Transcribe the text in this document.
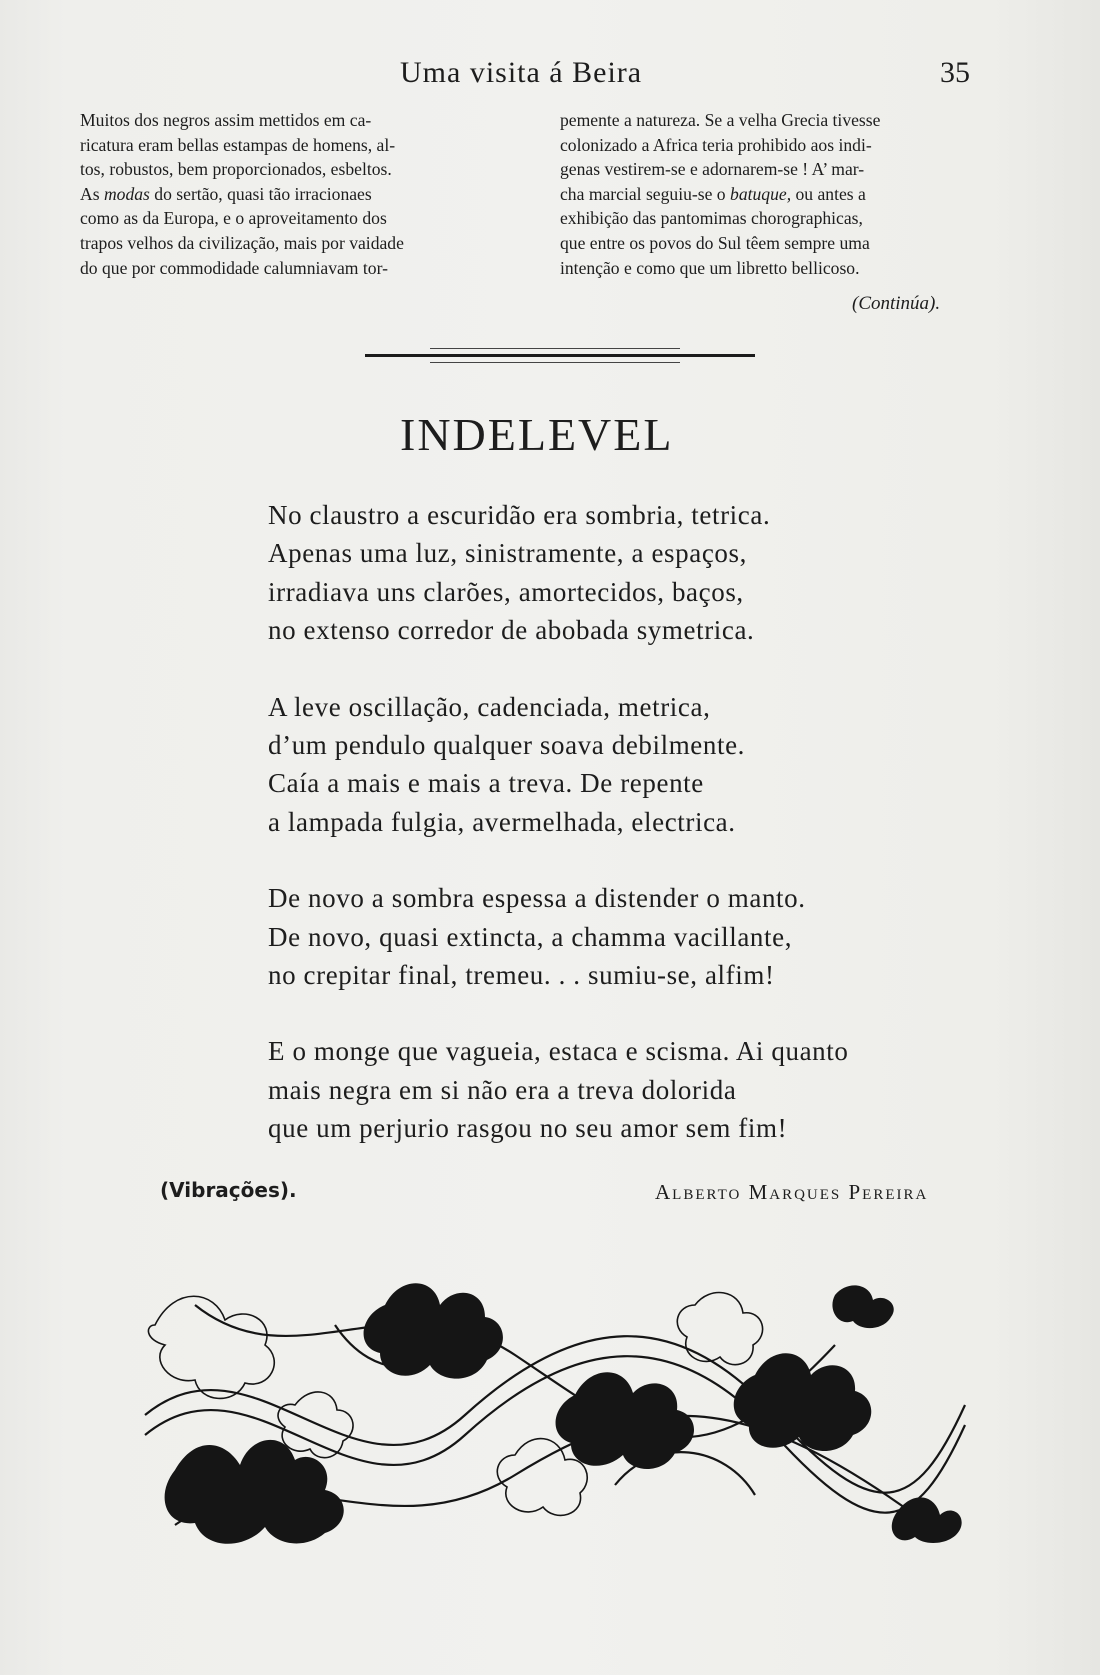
Uma visita á Beira	35

Muitos dos negros assim mettidos em ca-

ricatura eram bellas estampas de homens, al-

tos, robustos, bem proporcionados, esbeltos.

As modas do sertão, quasi tão irracionaes

como as da Europa, e o aproveitamento dos

trapos velhos da civilização, mais por vaidade

do que por commodidade calumniavam tor-

pemente a natureza. Se a velha Grecia tivesse

colonizado a Africa teria prohibido aos indi-

genas vestirem-se e adornarem-se ! A’ mar-

cha marcial seguiu-se o batuque, ou antes a

exhibição das pantomimas chorographicas,

que entre os povos do Sul têem sempre uma

intenção e como que um libretto bellicoso.

(Continúa).
INDELEVEL
No claustro a escuridão era sombria, tetrica.
Apenas uma luz, sinistramente, a espaços,
irradiava uns clarões, amortecidos, baços,
no extenso corredor de abobada symetrica.
A leve oscillação, cadenciada, metrica,
d’um pendulo qualquer soava debilmente.
Caía a mais e mais a treva. De repente
a lampada fulgia, avermelhada, electrica.
De novo a sombra espessa a distender o manto.
De novo, quasi extincta, a chamma vacillante,
no crepitar final, tremeu. . . sumiu-se, alfim!
E o monge que vagueia, estaca e scisma. Ai quanto
mais negra em si não era a treva dolorida
que um perjurio rasgou no seu amor sem fim!
(Vibrações).	Alberto Marques Pereira
